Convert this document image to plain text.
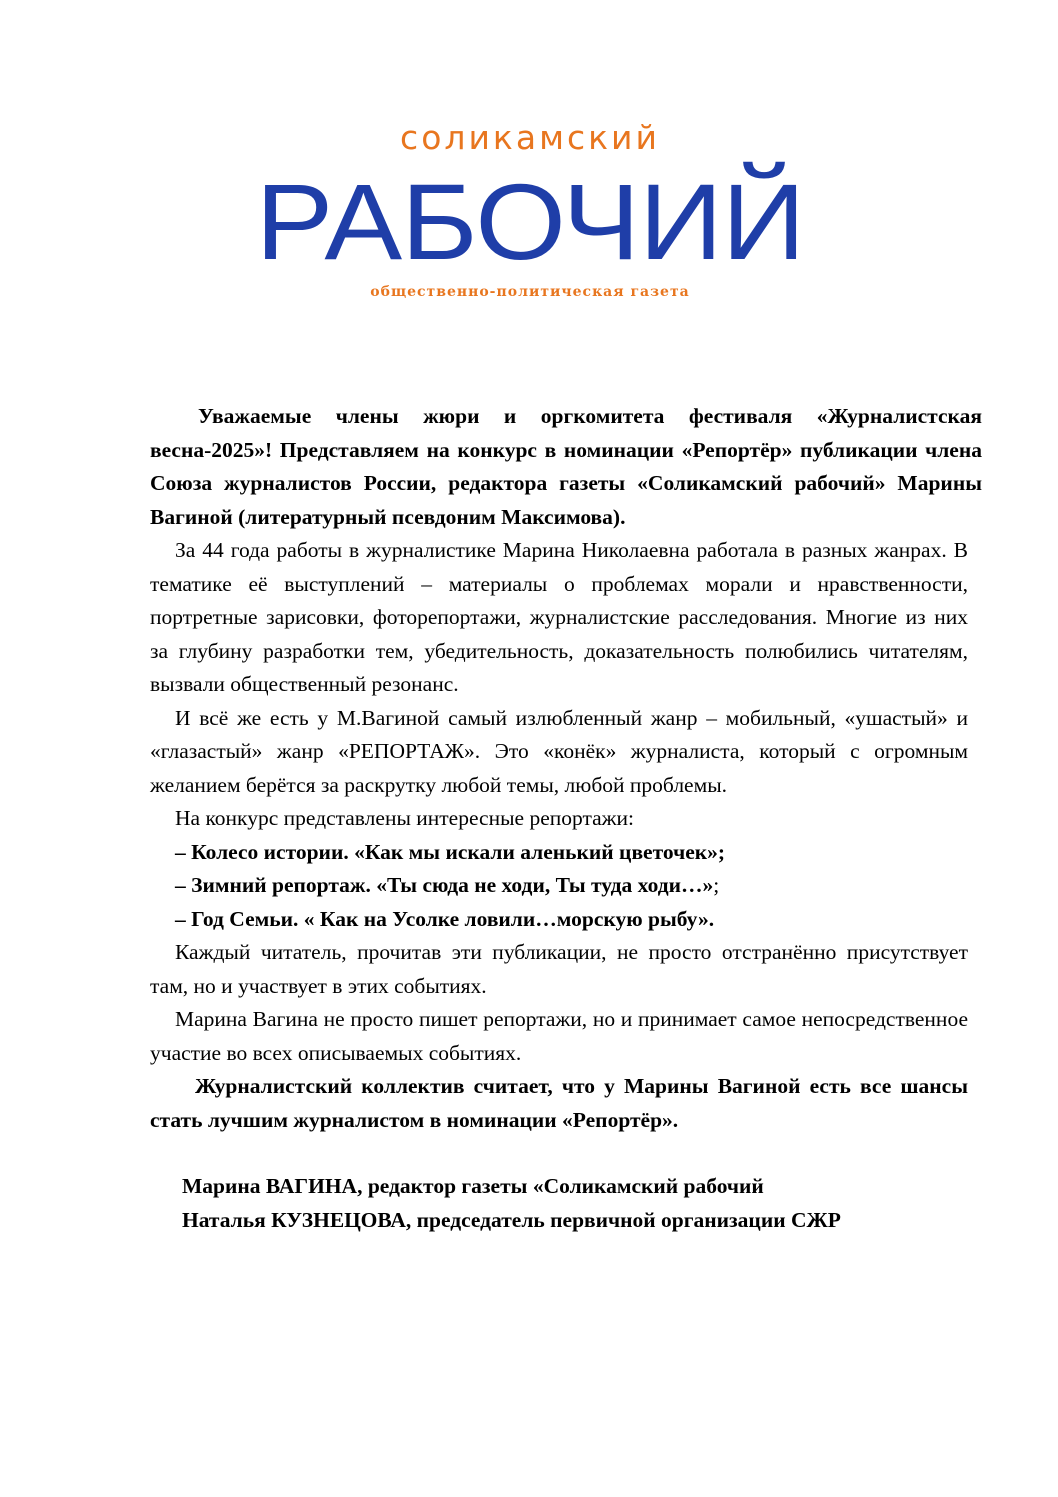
соликамский
РАБОЧИЙ
общественно-политическая газета

Уважаемые члены жюри и оргкомитета фестиваля «Журналистская весна-2025»! Представляем на конкурс в номинации «Репортёр» публикации члена Союза журналистов России, редактора газеты «Соликамский рабочий» Марины Вагиной (литературный псевдоним Максимова).

За 44 года работы в журналистике Марина Николаевна работала в разных жанрах. В тематике её выступлений – материалы о проблемах морали и нравственности, портретные зарисовки, фоторепортажи, журналистские расследования. Многие из них за глубину разработки тем, убедительность, доказательность полюбились читателям, вызвали общественный резонанс.

И всё же есть у М.Вагиной самый излюбленный жанр – мобильный, «ушастый» и «глазастый» жанр «РЕПОРТАЖ». Это «конёк» журналиста, который с огромным желанием берётся за раскрутку любой темы, любой проблемы.

На конкурс представлены интересные репортажи:

– Колесо истории. «Как мы искали аленький цветочек»;

– Зимний репортаж. «Ты сюда не ходи, Ты туда ходи…»;

– Год Семьи. « Как на Усолке ловили…морскую рыбу».

Каждый читатель, прочитав эти публикации, не просто отстранённо присутствует там, но и участвует в этих событиях.

Марина Вагина не просто пишет репортажи, но и принимает самое непосредственное участие во всех описываемых событиях.

Журналистский коллектив считает, что у Марины Вагиной есть все шансы стать лучшим журналистом в номинации «Репортёр».

Марина ВАГИНА, редактор газеты «Соликамский рабочий

Наталья КУЗНЕЦОВА, председатель первичной организации СЖР
